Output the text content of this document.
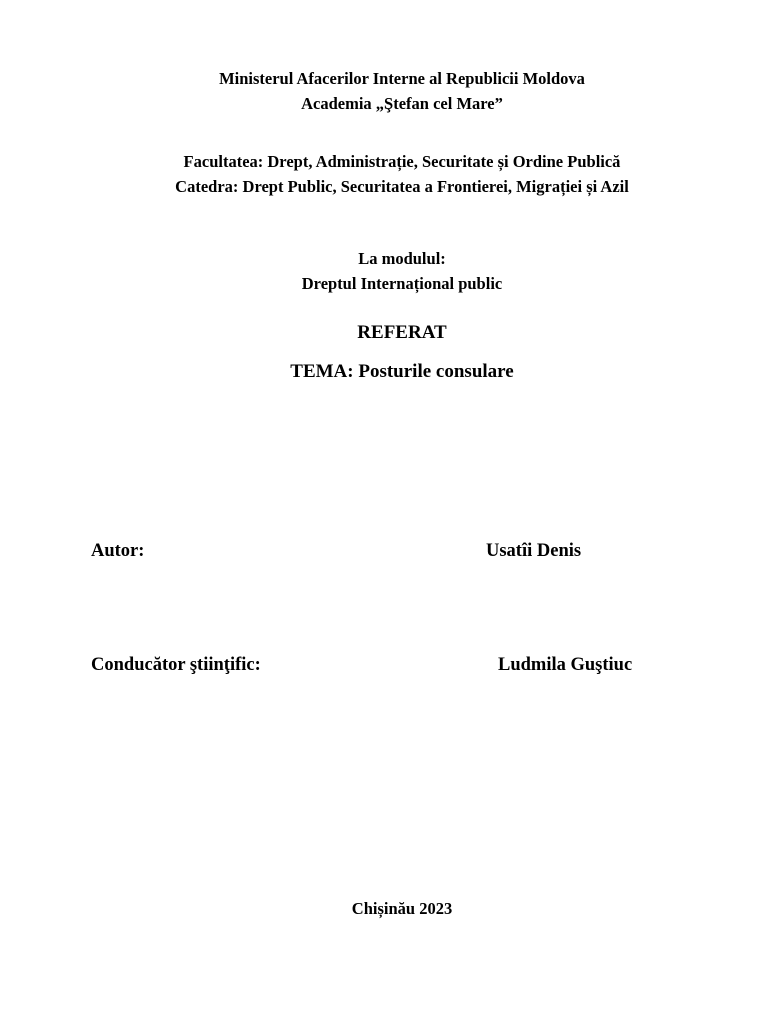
Ministerul Afacerilor Interne al Republicii Moldova
Academia „Ştefan cel Mare”
Facultatea: Drept, Administrație, Securitate și Ordine Publică
Catedra: Drept Public, Securitatea a Frontierei, Migrației și Azil
La modulul:
Dreptul Internațional public
REFERAT
TEMA: Posturile consulare
Autor:	Usatîi Denis
Conducător ştiinţific:	Ludmila Guştiuc
Chișinău 2023
